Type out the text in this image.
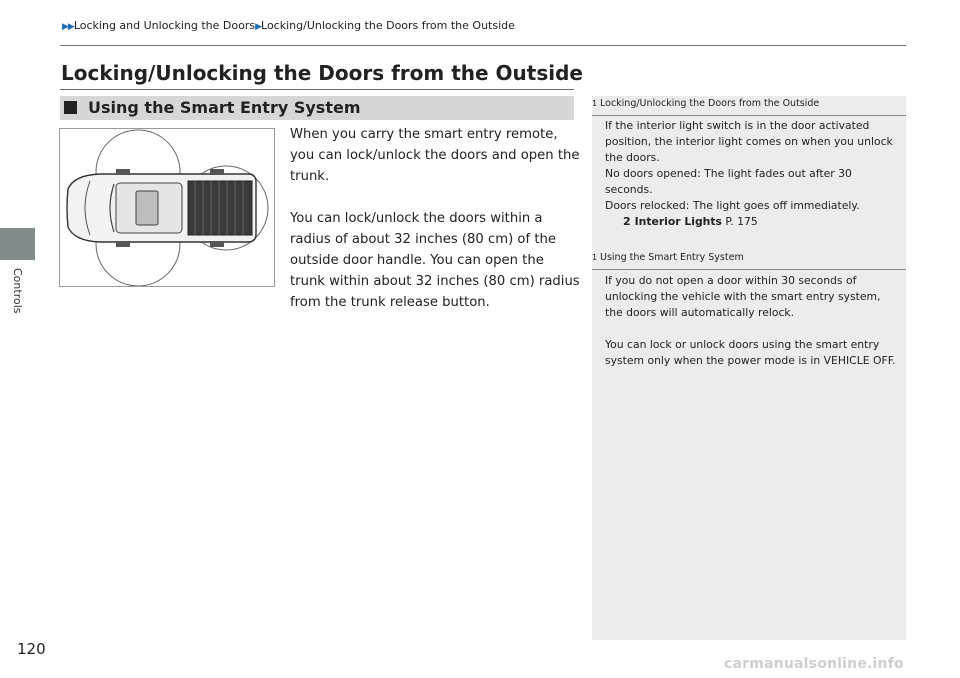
▶▶Locking and Unlocking the Doors▶Locking/Unlocking the Doors from the Outside
Controls
120
Locking/Unlocking the Doors from the Outside
Using the Smart Entry System

When you carry the smart entry remote, you can lock/unlock the doors and open the trunk.

You can lock/unlock the doors within a radius of about 32 inches (80 cm) of the outside door handle. You can open the trunk within about 32 inches (80 cm) radius from the trunk release button.

1 Locking/Unlocking the Doors from the Outside
If the interior light switch is in the door activated position, the interior light comes on when you unlock the doors.
No doors opened: The light fades out after 30 seconds.
Doors relocked: The light goes off immediately.
2 Interior Lights P. 175
1 Using the Smart Entry System
If you do not open a door within 30 seconds of unlocking the vehicle with the smart entry system, the doors will automatically relock.
You can lock or unlock doors using the smart entry system only when the power mode is in VEHICLE OFF.
carmanualsonline.info
